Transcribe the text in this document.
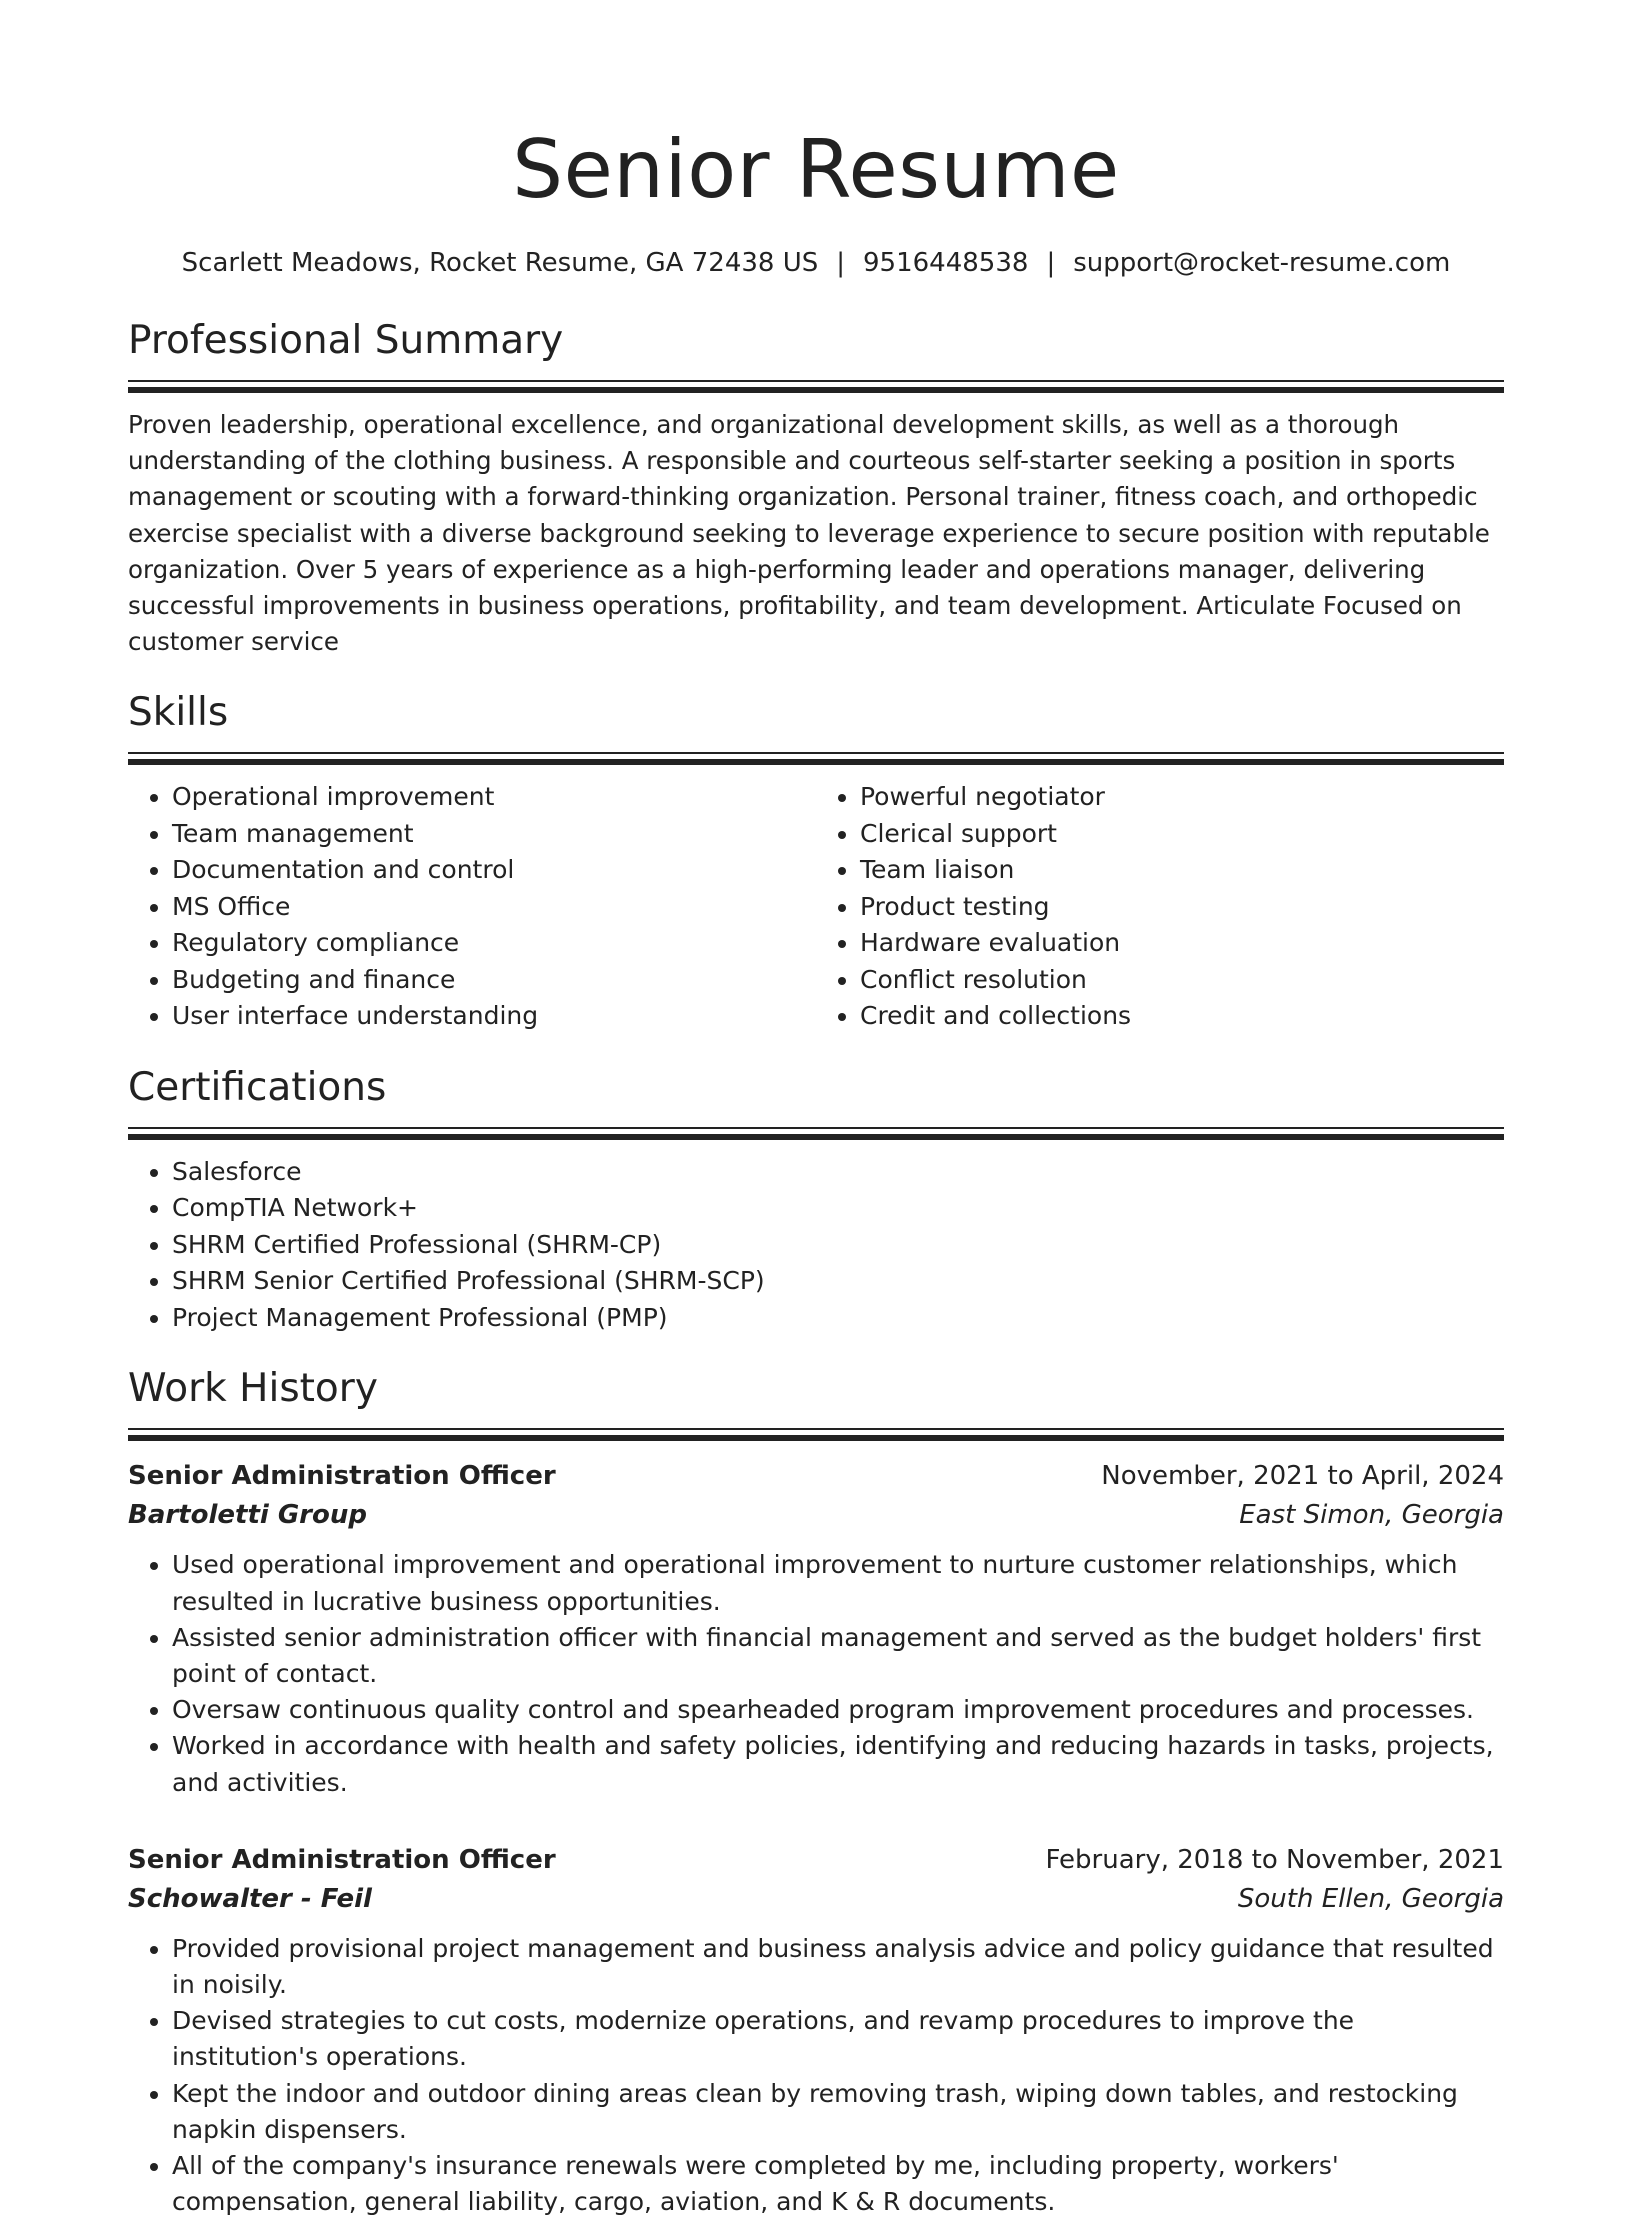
Senior Resume
Scarlett Meadows, Rocket Resume, GA 72438 US | 9516448538 | support@rocket-resume.com
Professional Summary
Proven leadership, operational excellence, and organizational development skills, as well as a thorough understanding of the clothing business. A responsible and courteous self-starter seeking a position in sports management or scouting with a forward-thinking organization. Personal trainer, fitness coach, and orthopedic exercise specialist with a diverse background seeking to leverage experience to secure position with reputable organization. Over 5 years of experience as a high-performing leader and operations manager, delivering successful improvements in business operations, profitability, and team development. Articulate Focused on customer service
Skills
• Operational improvement
• Team management
• Documentation and control
• MS Office
• Regulatory compliance
• Budgeting and finance
• User interface understanding
• Powerful negotiator
• Clerical support
• Team liaison
• Product testing
• Hardware evaluation
• Conflict resolution
• Credit and collections
Certifications
• Salesforce
• CompTIA Network+
• SHRM Certified Professional (SHRM-CP)
• SHRM Senior Certified Professional (SHRM-SCP)
• Project Management Professional (PMP)
Work History
Senior Administration Officer	November, 2021 to April, 2024
Bartoletti Group	East Simon, Georgia
• Used operational improvement and operational improvement to nurture customer relationships, which resulted in lucrative business opportunities.
• Assisted senior administration officer with financial management and served as the budget holders' first point of contact.
• Oversaw continuous quality control and spearheaded program improvement procedures and processes.
• Worked in accordance with health and safety policies, identifying and reducing hazards in tasks, projects, and activities.
Senior Administration Officer	February, 2018 to November, 2021
Schowalter - Feil	South Ellen, Georgia
• Provided provisional project management and business analysis advice and policy guidance that resulted in noisily.
• Devised strategies to cut costs, modernize operations, and revamp procedures to improve the institution's operations.
• Kept the indoor and outdoor dining areas clean by removing trash, wiping down tables, and restocking napkin dispensers.
• All of the company's insurance renewals were completed by me, including property, workers' compensation, general liability, cargo, aviation, and K & R documents.
